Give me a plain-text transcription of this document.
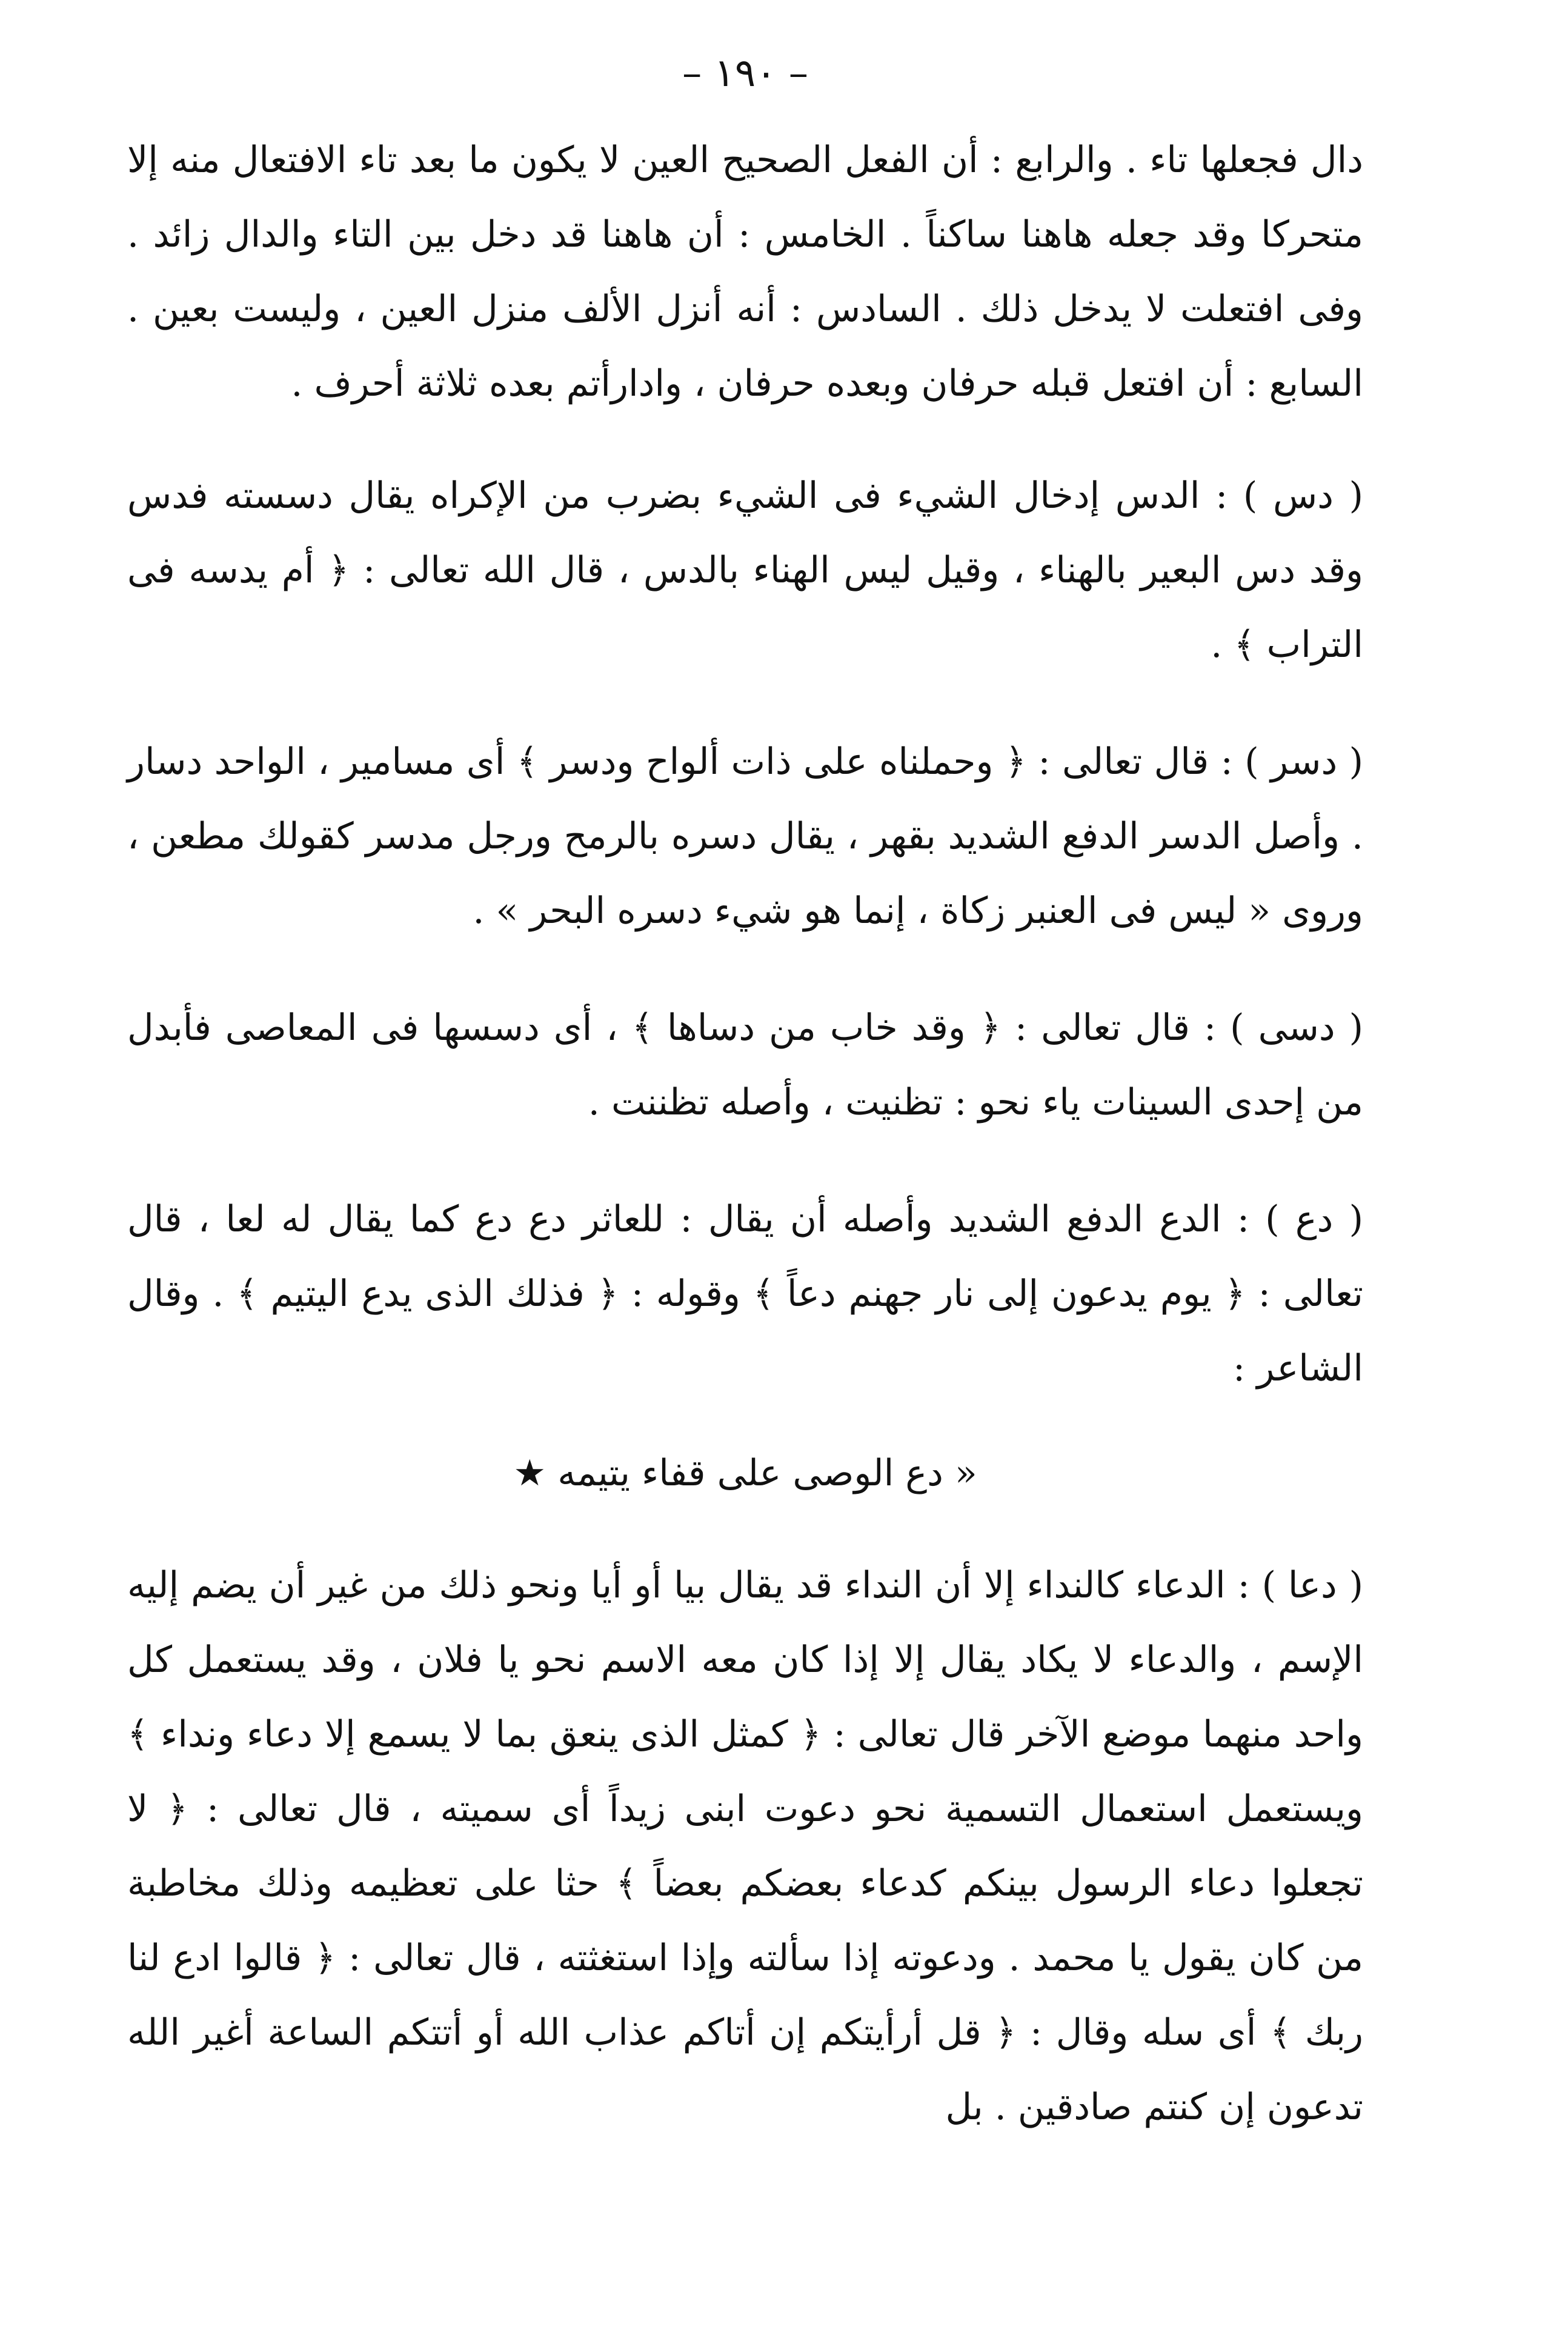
– ١٩٠ –

دال فجعلها تاء . والرابع : أن الفعل الصحيح العين لا يكون ما بعد تاء الافتعال منه إلا متحركا وقد جعله هاهنا ساكناً . الخامس : أن هاهنا قد دخل بين التاء والدال زائد . وفى افتعلت لا يدخل ذلك . السادس : أنه أنزل الألف منزل العين ، وليست بعين . السابع : أن افتعل قبله حرفان وبعده حرفان ، وادارأتم بعده ثلاثة أحرف .

( دس ) : الدس إدخال الشيء فى الشيء بضرب من الإكراه يقال دسسته فدس وقد دس البعير بالهناء ، وقيل ليس الهناء بالدس ، قال الله تعالى : ﴿ أم يدسه فى التراب ﴾ .

( دسر ) : قال تعالى : ﴿ وحملناه على ذات ألواح ودسر ﴾ أى مسامير ، الواحد دسار . وأصل الدسر الدفع الشديد بقهر ، يقال دسره بالرمح ورجل مدسر كقولك مطعن ، وروى « ليس فى العنبر زكاة ، إنما هو شيء دسره البحر » .

( دسى ) : قال تعالى : ﴿ وقد خاب من دساها ﴾ ، أى دسسها فى المعاصى فأبدل من إحدى السينات ياء نحو : تظنيت ، وأصله تظننت .

( دع ) : الدع الدفع الشديد وأصله أن يقال : للعاثر دع دع كما يقال له لعا ، قال تعالى : ﴿ يوم يدعون إلى نار جهنم دعاً ﴾ وقوله : ﴿ فذلك الذى يدع اليتيم ﴾ . وقال الشاعر :

« دع الوصى على قفاء يتيمه ★

( دعا ) : الدعاء كالنداء إلا أن النداء قد يقال بيا أو أيا ونحو ذلك من غير أن يضم إليه الإسم ، والدعاء لا يكاد يقال إلا إذا كان معه الاسم نحو يا فلان ، وقد يستعمل كل واحد منهما موضع الآخر قال تعالى : ﴿ كمثل الذى ينعق بما لا يسمع إلا دعاء ونداء ﴾ ويستعمل استعمال التسمية نحو دعوت ابنى زيداً أى سميته ، قال تعالى : ﴿ لا تجعلوا دعاء الرسول بينكم كدعاء بعضكم بعضاً ﴾ حثا على تعظيمه وذلك مخاطبة من كان يقول يا محمد . ودعوته إذا سألته وإذا استغثته ، قال تعالى : ﴿ قالوا ادع لنا ربك ﴾ أى سله وقال : ﴿ قل أرأيتكم إن أتاكم عذاب الله أو أتتكم الساعة أغير الله تدعون إن كنتم صادقين . بل
